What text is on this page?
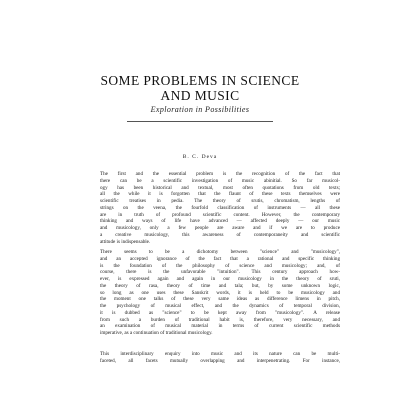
SOME PROBLEMS IN SCIENCE
AND MUSIC
Exploration in Possibilities
B. C. Deva
The first and the essential problem is the recognition of the fact that
there can be a scientific investigation of music abinitial. So far musicol-
ogy has been historical and textual, most often quotations from old texts;
all the while it is forgotten that the flaunt of these texts themselves were
scientific treatises in pedia. The theory of srutis, chromatism, lengths of
strings on the veena, the fourfold classification of instruments — all these
are in truth of profound scientific content. However, the contemporary
thinking and ways of life have advanced — affected deeply — our music
and musicology, only a few people are aware and if we are to produce
a creative musicology, this awareness of contemporaneity and scientific
attitude is indispensable.
There seems to be a dichotomy between "science" and "musicology",
and an accepted ignorance of the fact that a rational and specific thinking
is the foundation of the philosophy of science and musicology; and, of
course, there is the unfavorable "intuition". This century approach how-
ever, is expressed again and again in our musicology in the theory of sruti,
the theory of rasa, theory of time and tala; but, by some unknown logic,
so long as one uses these Sanskrit words, it is held to be musicology and
the moment one talks of these very same ideas as difference limens in pitch,
the psychology of musical effect, and the dynamics of temporal division,
it is dubbed as "science" to be kept away from "musicology". A release
from such a burden of traditional habit is, therefore, very necessary, and
an examination of musical material in terms of current scientific methods
imperative, as a continuation of traditional musicology.
This interdisciplinary enquiry into music and its nature can be multi-
faceted, all facets mutually overlapping and interpenetrating. For instance,
